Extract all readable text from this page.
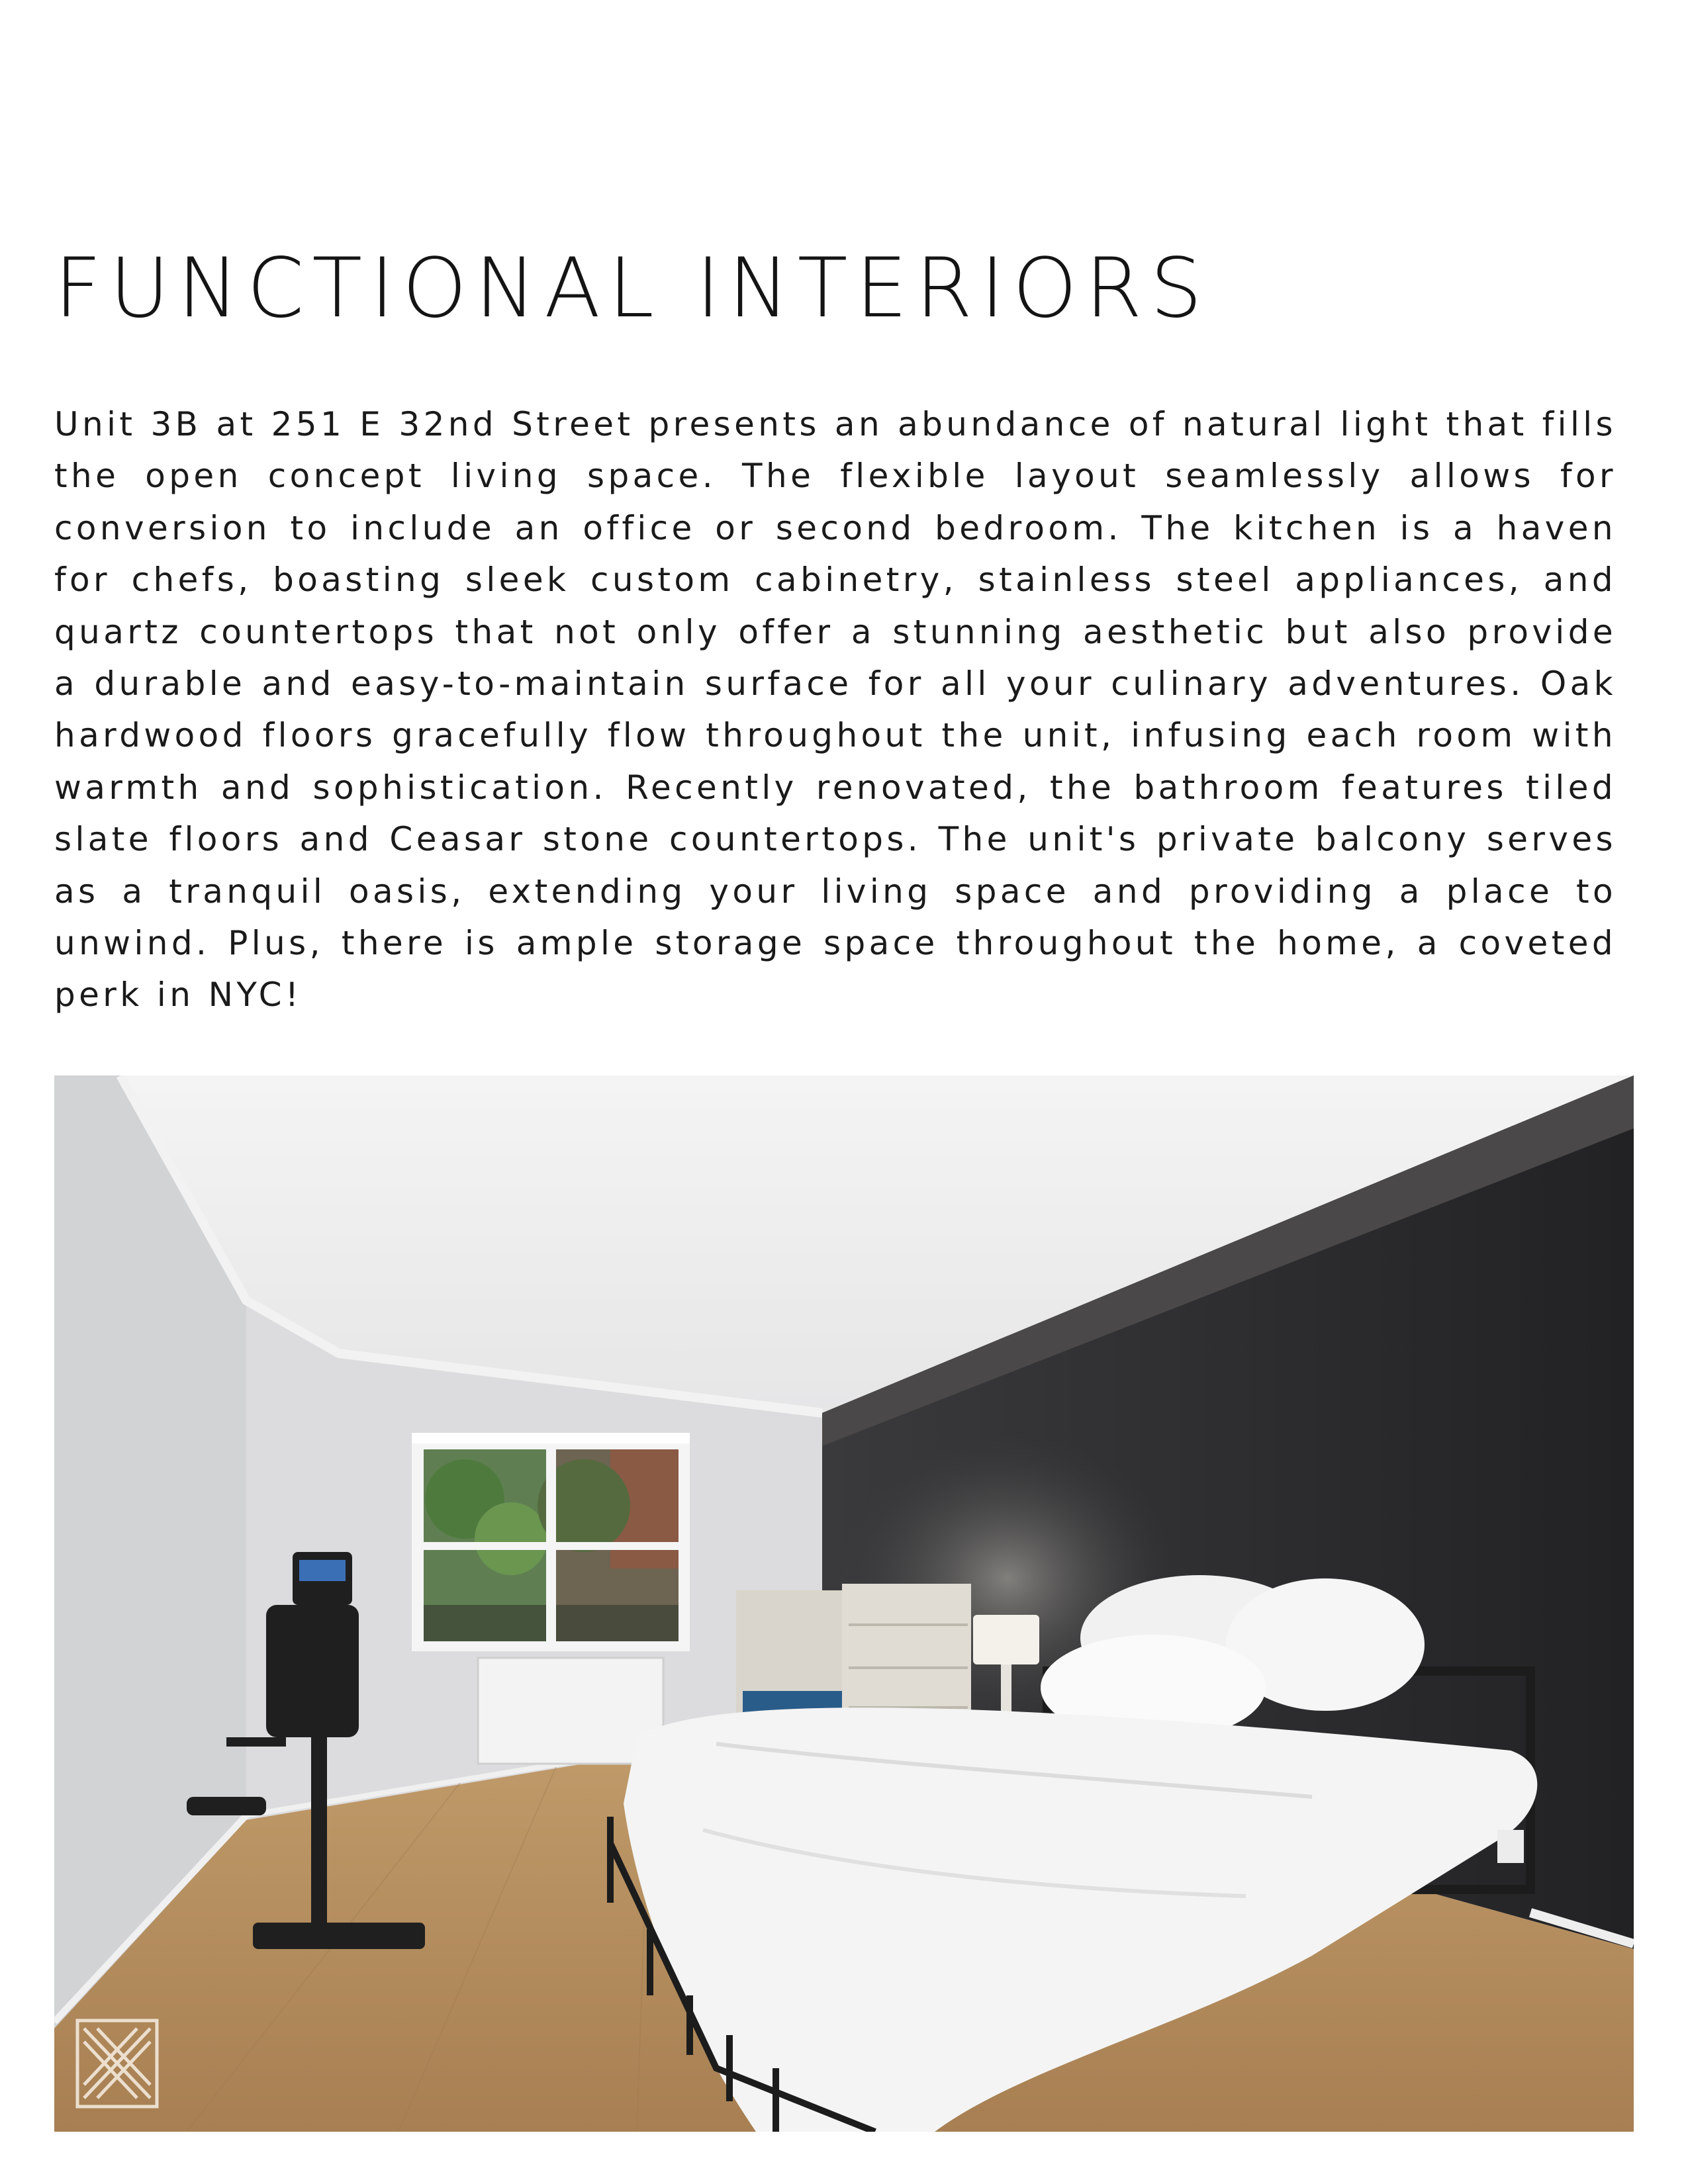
FUNCTIONAL INTERIORS

Unit 3B at 251 E 32nd Street presents an abundance of natural light that fills the open concept living space. The flexible layout seamlessly allows for conversion to include an office or second bedroom. The kitchen is a haven for chefs, boasting sleek custom cabinetry, stainless steel appliances, and quartz countertops that not only offer a stunning aesthetic but also provide a durable and easy-to-maintain surface for all your culinary adventures. Oak hardwood floors gracefully flow throughout the unit, infusing each room with warmth and sophistication. Recently renovated, the bathroom features tiled slate floors and Ceasar stone countertops. The unit's private balcony serves as a tranquil oasis, extending your living space and providing a place to unwind. Plus, there is ample storage space throughout the home, a coveted perk in NYC!
